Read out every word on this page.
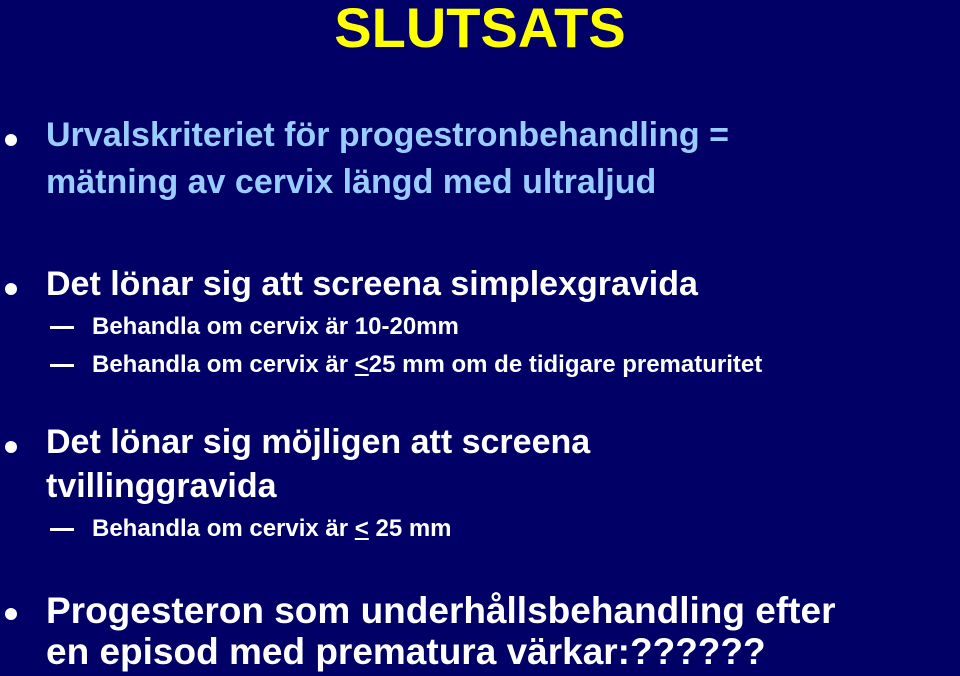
SLUTSATS

Urvalskriteriet för progestronbehandling =

mätning av cervix längd med ultraljud

Det lönar sig att screena simplexgravida

Behandla om cervix är 10-20mm
Behandla om cervix är ≤25 mm om de tidigare prematuritet

Det lönar sig möjligen att screena

tvillinggravida

Behandla om cervix är ≤ 25 mm

Progesteron som underhållsbehandling efter

en episod med prematura värkar:??????
